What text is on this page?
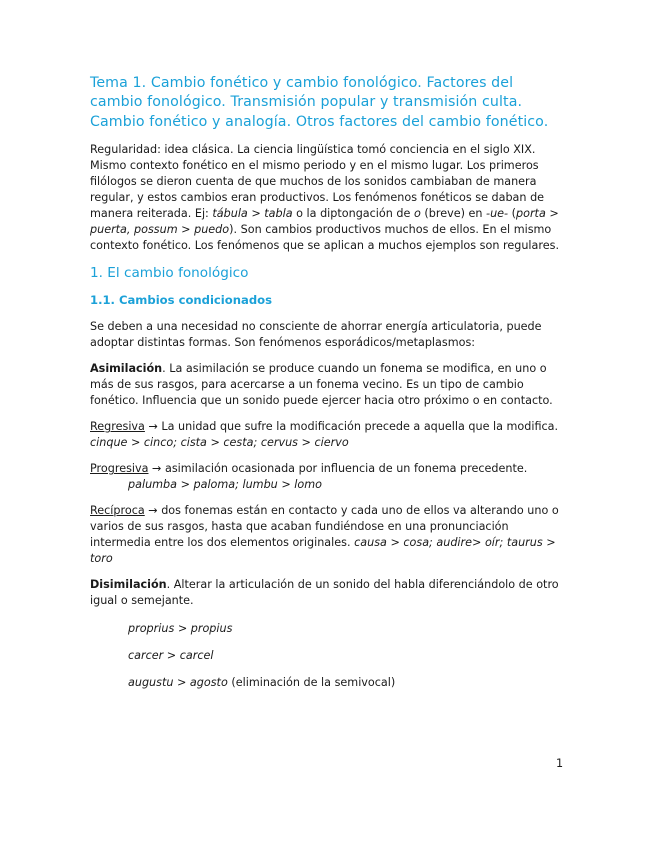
Tema 1. Cambio fonético y cambio fonológico. Factores del cambio fonológico. Transmisión popular y transmisión culta. Cambio fonético y analogía. Otros factores del cambio fonético.

Regularidad: idea clásica. La ciencia lingüística tomó conciencia en el siglo XIX. Mismo contexto fonético en el mismo periodo y en el mismo lugar. Los primeros filólogos se dieron cuenta de que muchos de los sonidos cambiaban de manera regular, y estos cambios eran productivos. Los fenómenos fonéticos se daban de manera reiterada. Ej: tábula > tabla o la diptongación de o (breve) en -ue- (porta > puerta, possum > puedo). Son cambios productivos muchos de ellos. En el mismo contexto fonético. Los fenómenos que se aplican a muchos ejemplos son regulares.

1. El cambio fonológico
1.1. Cambios condicionados

Se deben a una necesidad no consciente de ahorrar energía articulatoria, puede adoptar distintas formas. Son fenómenos esporádicos/metaplasmos:

Asimilación. La asimilación se produce cuando un fonema se modifica, en uno o más de sus rasgos, para acercarse a un fonema vecino. Es un tipo de cambio fonético. Influencia que un sonido puede ejercer hacia otro próximo o en contacto.

Regresiva → La unidad que sufre la modificación precede a aquella que la modifica. cinque > cinco; cista > cesta; cervus > ciervo

Progresiva → asimilación ocasionada por influencia de un fonema precedente.

palumba > paloma; lumbu > lomo

Recíproca → dos fonemas están en contacto y cada uno de ellos va alterando uno o varios de sus rasgos, hasta que acaban fundiéndose en una pronunciación intermedia entre los dos elementos originales. causa > cosa; audire> oír; taurus > toro

Disimilación. Alterar la articulación de un sonido del habla diferenciándolo de otro igual o semejante.

proprius > propius

carcer > carcel

augustu > agosto (eliminación de la semivocal)

1
